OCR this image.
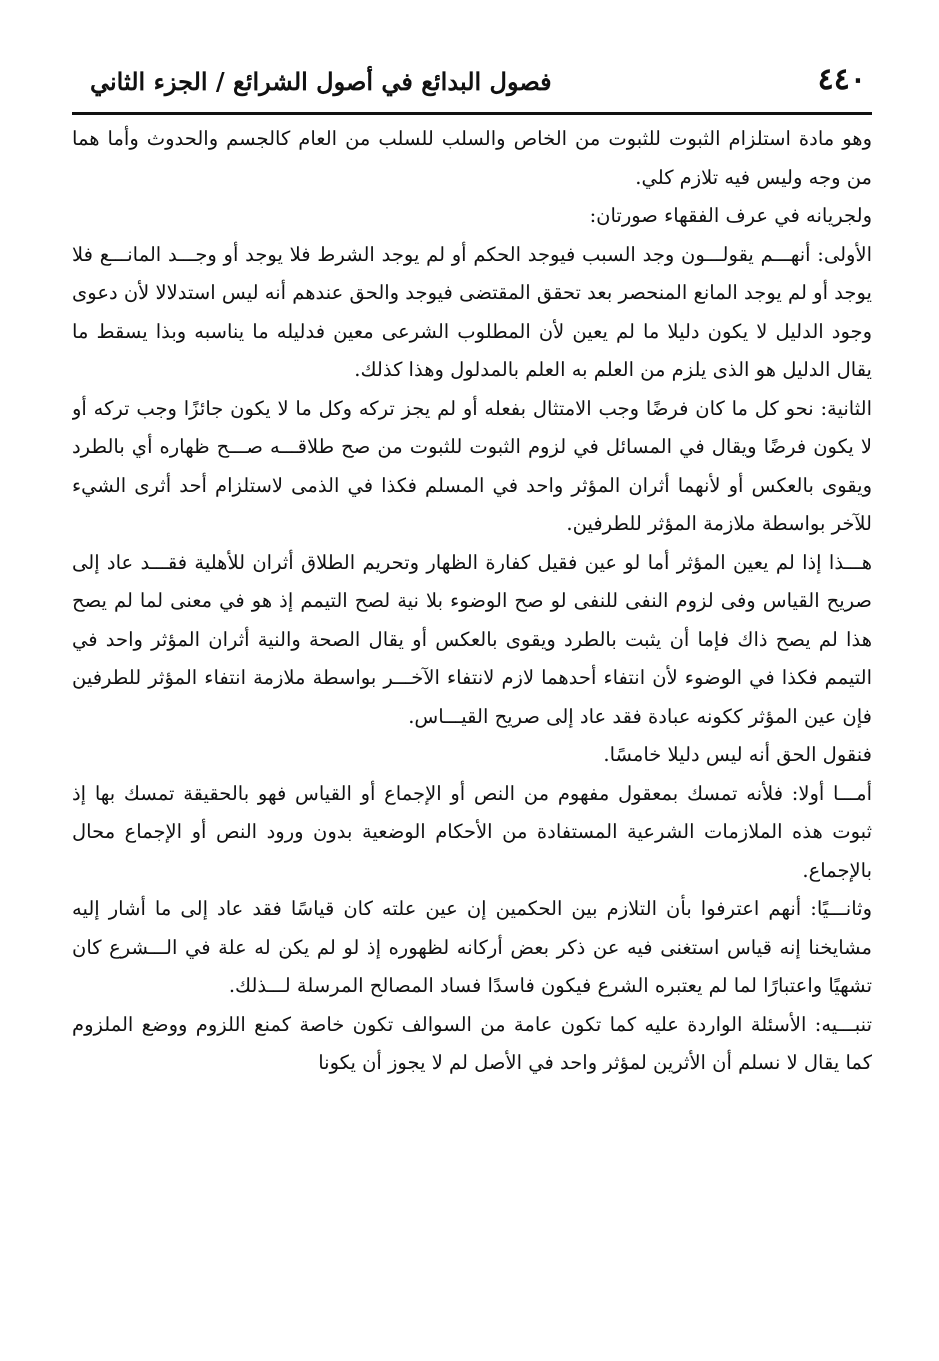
٤٤٠
فصول البدائع في أصول الشرائع / الجزء الثاني

وهو مادة استلزام الثبوت للثبوت من الخاص والسلب للسلب من العام كالجسم والحدوث وأما هما من وجه وليس فيه تلازم كلي.

ولجريانه في عرف الفقهاء صورتان:

الأولى: أنهـــم يقولـــون وجد السبب فيوجد الحكم أو لم يوجد الشرط فلا يوجد أو وجـــد المانـــع فلا يوجد أو لم يوجد المانع المنحصر بعد تحقق المقتضى فيوجد والحق عندهم أنه ليس استدلالا لأن دعوى وجود الدليل لا يكون دليلا ما لم يعين لأن المطلوب الشرعى معين فدليله ما يناسبه وبذا يسقط ما يقال الدليل هو الذى يلزم من العلم به العلم بالمدلول وهذا كذلك.

الثانية: نحو كل ما كان فرضًا وجب الامتثال بفعله أو لم يجز تركه وكل ما لا يكون جائزًا وجب تركه أو لا يكون فرضًا ويقال في المسائل في لزوم الثبوت للثبوت من صح طلاقـــه صـــح ظهاره أي بالطرد ويقوى بالعكس أو لأنهما أثران المؤثر واحد في المسلم فكذا في الذمى لاستلزام أحد أثرى الشيء للآخر بواسطة ملازمة المؤثر للطرفين.

هـــذا إذا لم يعين المؤثر أما لو عين فقيل كفارة الظهار وتحريم الطلاق أثران للأهلية فقـــد عاد إلى صريح القياس وفى لزوم النفى للنفى لو صح الوضوء بلا نية لصح التيمم إذ هو في معنى لما لم يصح هذا لم يصح ذاك فإما أن يثبت بالطرد ويقوى بالعكس أو يقال الصحة والنية أثران المؤثر واحد في التيمم فكذا في الوضوء لأن انتفاء أحدهما لازم لانتفاء الآخـــر بواسطة ملازمة انتفاء المؤثر للطرفين فإن عين المؤثر ككونه عبادة فقد عاد إلى صريح القيـــاس.

فنقول الحق أنه ليس دليلا خامسًا.

أمـــا أولا: فلأنه تمسك بمعقول مفهوم من النص أو الإجماع أو القياس فهو بالحقيقة تمسك بها إذ ثبوت هذه الملازمات الشرعية المستفادة من الأحكام الوضعية بدون ورود النص أو الإجماع محال بالإجماع.

وثانـــيًا: أنهم اعترفوا بأن التلازم بين الحكمين إن عين علته كان قياسًا فقد عاد إلى ما أشار إليه مشايخنا إنه قياس استغنى فيه عن ذكر بعض أركانه لظهوره إذ لو لم يكن له علة في الـــشرع كان تشهيًا واعتبارًا لما لم يعتبره الشرع فيكون فاسدًا فساد المصالح المرسلة لـــذلك.

تنبـــيه: الأسئلة الواردة عليه كما تكون عامة من السوالف تكون خاصة كمنع اللزوم ووضع الملزوم كما يقال لا نسلم أن الأثرين لمؤثر واحد في الأصل لم لا يجوز أن يكونا
